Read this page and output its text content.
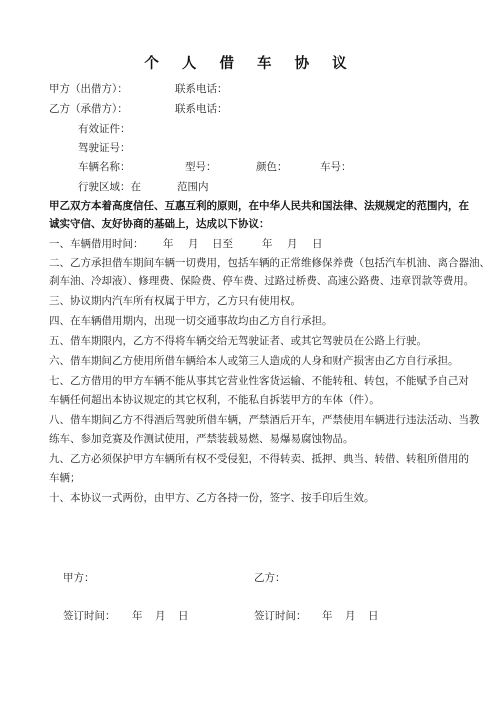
个 人 借 车 协 议
甲方（出借方）：	联系电话：
乙方（承借方）：	联系电话：
有效证件：
驾驶证号：
车辆名称：	型号：	颜色：	车号：
行驶区域：在	范围内
甲乙双方本着高度信任、互惠互利的原则，在中华人民共和国法律、法规规定的范围内，在
诚实守信、友好协商的基础上，达成以下协议：
一、车辆借用时间： 年 月 日至	年 月 日
二、乙方承担借车期间车辆一切费用，包括车辆的正常维修保养费（包括汽车机油、离合器油、
刹车油、冷却液）、修理费、保险费、停车费、过路过桥费、高速公路费、违章罚款等费用。
三、协议期内汽车所有权属于甲方，乙方只有使用权。
四、在车辆借用期内，出现一切交通事故均由乙方自行承担。
五、借车期限内，乙方不得将车辆交给无驾驶证者、或其它驾驶员在公路上行驶。
六、借车期间乙方使用所借车辆给本人或第三人造成的人身和财产损害由乙方自行承担。
七、乙方借用的甲方车辆不能从事其它营业性客货运输、不能转租、转包，不能赋予自己对
车辆任何超出本协议规定的其它权利，不能私自拆装甲方的车体（件）。
八、借车期间乙方不得酒后驾驶所借车辆，严禁酒后开车，严禁使用车辆进行违法活动、当教
练车、参加竞赛及作测试使用，严禁装载易燃、易爆易腐蚀物品。
九、乙方必须保护甲方车辆所有权不受侵犯，不得转卖、抵押、典当、转借、转租所借用的
车辆；
十、本协议一式两份，由甲方、乙方各持一份，签字、按手印后生效。
甲方：	乙方：
签订时间： 年　月　日	签订时间： 年　月　日
